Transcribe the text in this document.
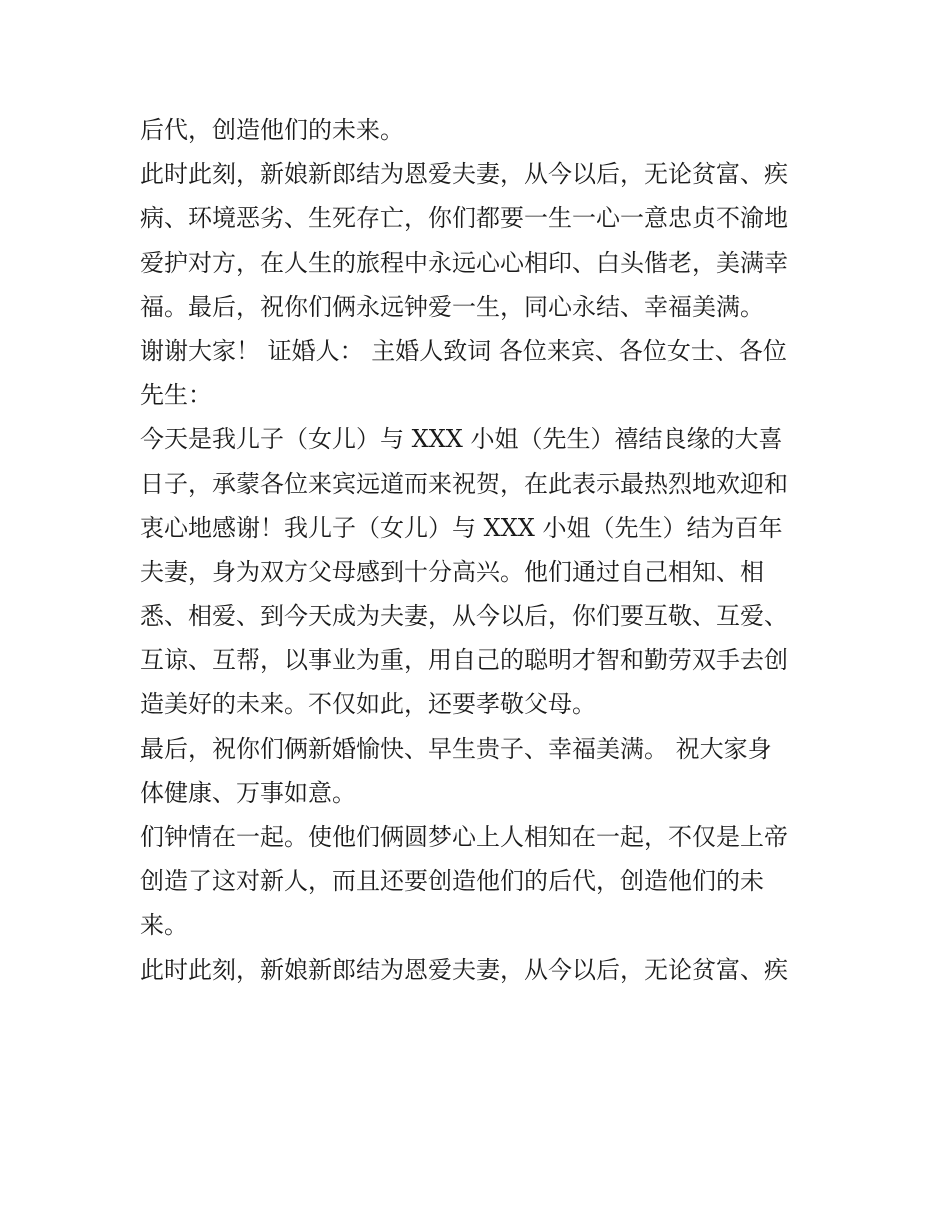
后代，创造他们的未来。
此时此刻，新娘新郎结为恩爱夫妻，从今以后，无论贫富、疾
病、环境恶劣、生死存亡，你们都要一生一心一意忠贞不渝地
爱护对方，在人生的旅程中永远心心相印、白头偕老，美满幸
福。最后，祝你们俩永远钟爱一生，同心永结、幸福美满。
谢谢大家！ 证婚人： 主婚人致词 各位来宾、各位女士、各位
先生：
今天是我儿子（女儿）与 XXX 小姐（先生）禧结良缘的大喜
日子，承蒙各位来宾远道而来祝贺，在此表示最热烈地欢迎和
衷心地感谢！我儿子（女儿）与 XXX 小姐（先生）结为百年
夫妻，身为双方父母感到十分高兴。他们通过自己相知、相
悉、相爱、到今天成为夫妻，从今以后，你们要互敬、互爱、
互谅、互帮，以事业为重，用自己的聪明才智和勤劳双手去创
造美好的未来。不仅如此，还要孝敬父母。
最后，祝你们俩新婚愉快、早生贵子、幸福美满。 祝大家身
体健康、万事如意。
们钟情在一起。使他们俩圆梦心上人相知在一起，不仅是上帝
创造了这对新人，而且还要创造他们的后代，创造他们的未
来。
此时此刻，新娘新郎结为恩爱夫妻，从今以后，无论贫富、疾
